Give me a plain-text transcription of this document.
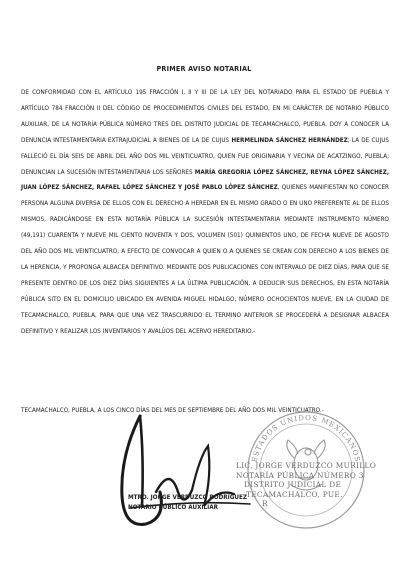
PRIMER AVISO NOTARIAL
DE CONFORMIDAD CON EL ARTÍCULO 195 FRACCIÓN I, II Y III DE LA LEY DEL NOTARIADO PARA EL ESTADO DE PUEBLA Y ARTÍCULO 784 FRACCIÓN II DEL CÓDIGO DE PROCEDIMIENTOS CIVILES DEL ESTADO, EN MI CARÁCTER DE NOTARIO PÚBLICO AUXILIAR, DE LA NOTARÍA PÚBLICA NÚMERO TRES DEL DISTRITO JUDICIAL DE TECAMACHALCO, PUEBLA. DOY A CONOCER LA DENUNCIA INTESTAMENTARIA EXTRAJUDICIAL A BIENES DE LA DE CUJUS HERMELINDA SÁNCHEZ HERNÁNDEZ; LA DE CUJUS FALLECIÓ EL DÍA SEIS DE ABRIL DEL AÑO DOS MIL VEINTICUATRO, QUIEN FUE ORIGINARIA Y VECINA DE ACATZINGO, PUEBLA; DENUNCIAN LA SUCESIÓN INTESTAMENTARIA LOS SEÑORES MARÍA GREGORIA LÓPEZ SÁNCHEZ, REYNA LÓPEZ SÁNCHEZ, JUAN LÓPEZ SÁNCHEZ, RAFAEL LÓPEZ SÁNCHEZ Y JOSÉ PABLO LÓPEZ SÁNCHEZ, QUIENES MANIFIESTAN NO CONOCER PERSONA ALGUNA DIVERSA DE ELLOS CON EL DERECHO A HEREDAR EN EL MISMO GRADO O EN UNO PREFERENTE AL DE ELLOS MISMOS, RADICÁNDOSE EN ESTA NOTARÍA PÚBLICA LA SUCESIÓN INTESTAMENTARIA MEDIANTE INSTRUMENTO NÚMERO (49,191) CUARENTA Y NUEVE MIL CIENTO NOVENTA Y DOS, VOLUMEN (501) QUINIENTOS UNO, DE FECHA NUEVE DE AGOSTO DEL AÑO DOS MIL VEINTICUATRO, A EFECTO DE CONVOCAR A QUIEN O A QUIENES SE CREAN CON DERECHO A LOS BIENES DE LA HERENCIA, Y PROPONGA ALBACEA DEFINITIVO. MEDIANTE DOS PUBLICACIONES CON INTERVALO DE DIEZ DÍAS, PARA QUE SE PRESENTE DENTRO DE LOS DIEZ DÍAS SIGUIENTES A LA ÚLTIMA PUBLICACIÓN, A DEDUCIR SUS DERECHOS, EN ESTA NOTARÍA PÚBLICA SITO EN EL DOMICILIO UBICADO EN AVENIDA MIGUEL HIDALGO, NÚMERO OCHOCIENTOS NUEVE, EN LA CIUDAD DE TECAMACHALCO, PUEBLA, PARA QUE UNA VEZ TRASCURRIDO EL TERMINO ANTERIOR SE PROCEDERÁ A DESIGNAR ALBACEA DEFINITIVO Y REALIZAR LOS INVENTARIOS Y AVALÚOS DEL ACERVO HEREDITARIO.-
TECAMACHALCO, PUEBLA, A LOS CINCO DÍAS DEL MES DE SEPTIEMBRE DEL AÑO DOS MIL VEINTICUATRO.-
ESTADOS UNIDOS MEXICANOS
LIC. JORGE VERDUZCO MURILLO
NOTARÍA PÚBLICA NÚMERO 3
DISTRITO JUDICIAL DE
TECAMACHALCO, PUE.
R
MTRO. JORGE VERDUZCO RODRÍGUEZ
NOTARIO PÚBLICO AUXILIAR
